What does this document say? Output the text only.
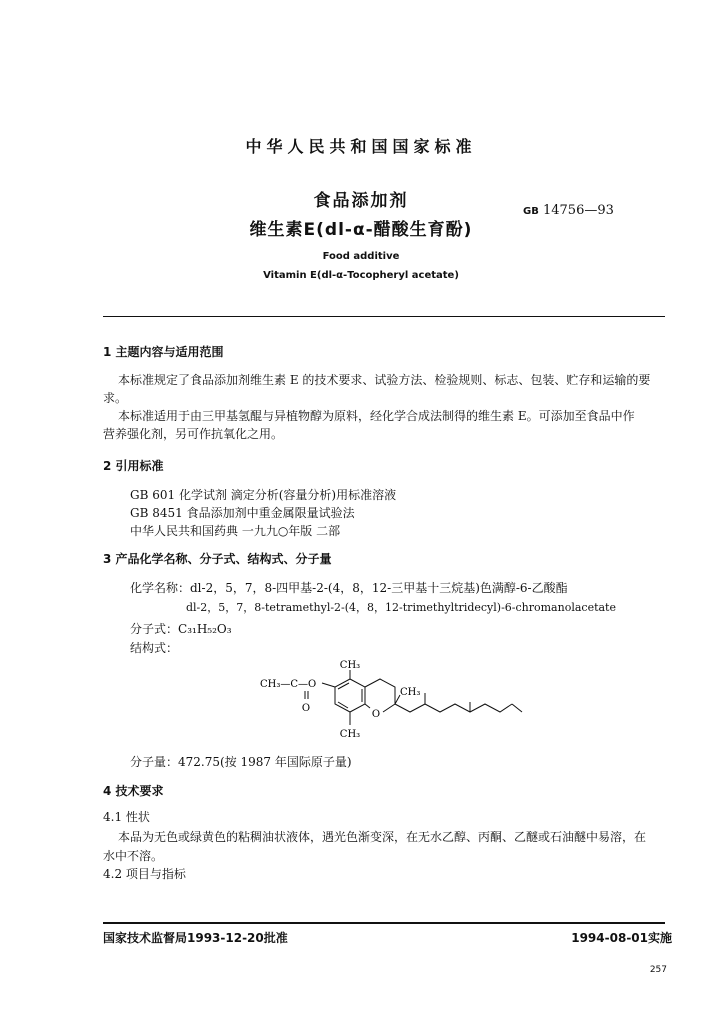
中华人民共和国国家标准
食品添加剂
维生素E(dl-α-醋酸生育酚)
GB 14756—93
Food additive
Vitamin E(dl-α-Tocopheryl acetate)
1 主题内容与适用范围
本标准规定了食品添加剂维生素 E 的技术要求、试验方法、检验规则、标志、包装、贮存和运输的要
求。
本标准适用于由三甲基氢醌与异植物醇为原料，经化学合成法制得的维生素 E。可添加至食品中作
营养强化剂，另可作抗氧化之用。
2 引用标准
GB 601 化学试剂 滴定分析(容量分析)用标准溶液
GB 8451 食品添加剂中重金属限量试验法
中华人民共和国药典 一九九○年版 二部
3 产品化学名称、分子式、结构式、分子量
化学名称：dl-2，5，7，8-四甲基-2-(4，8，12-三甲基十三烷基)色满醇-6-乙酸酯
dl-2，5，7，8-tetramethyl-2-(4，8，12-trimethyltridecyl)-6-chromanolacetate
分子式：C₃₁H₅₂O₃
结构式：
CH₃
CH₃—C—O
O
CH₃
O
CH₃
分子量：472.75(按 1987 年国际原子量)
4 技术要求
4.1 性状
本品为无色或绿黄色的粘稠油状液体，遇光色渐变深，在无水乙醇、丙酮、乙醚或石油醚中易溶，在
水中不溶。
4.2 项目与指标
国家技术监督局1993-12-20批准	1994-08-01实施
257
